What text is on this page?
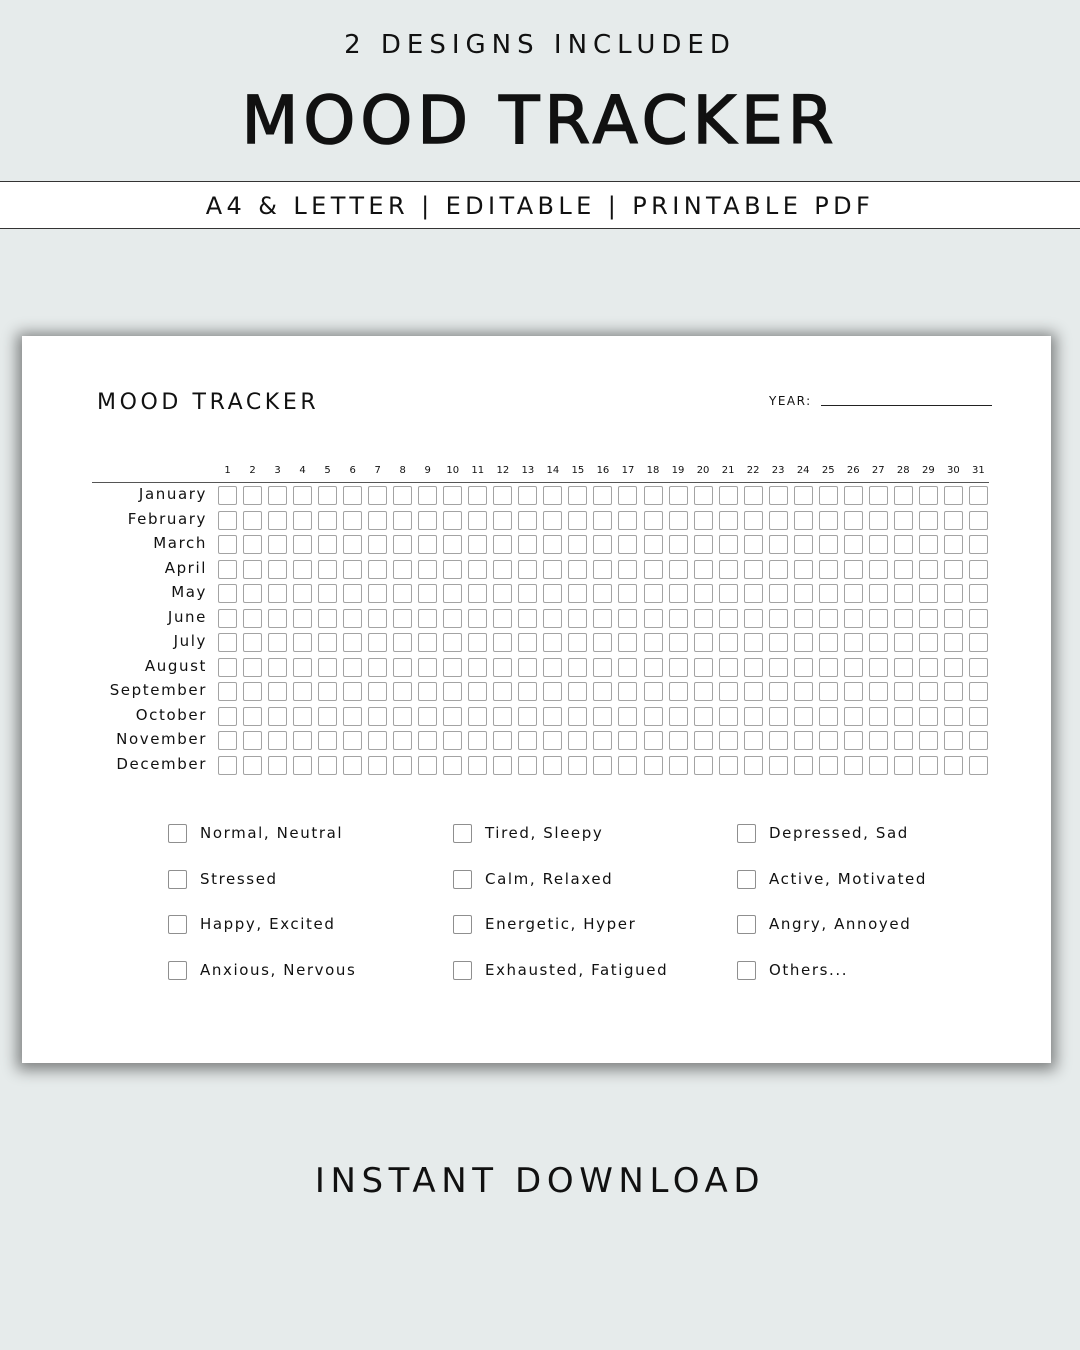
2 DESIGNS INCLUDED
MOOD TRACKER
A4 & LETTER | EDITABLE | PRINTABLE PDF
MOOD TRACKER	YEAR:
1	2	3	4	5	6	7	8	9	10	11	12	13	14	15	16	17	18	19	20	21	22	23	24	25	26	27	28	29	30	31
January
February
March
April
May
June
July
August
September
October
November
December
Normal, Neutral
Stressed
Happy, Excited
Anxious, Nervous
Tired, Sleepy
Calm, Relaxed
Energetic, Hyper
Exhausted, Fatigued
Depressed, Sad
Active, Motivated
Angry, Annoyed
Others...
INSTANT DOWNLOAD
